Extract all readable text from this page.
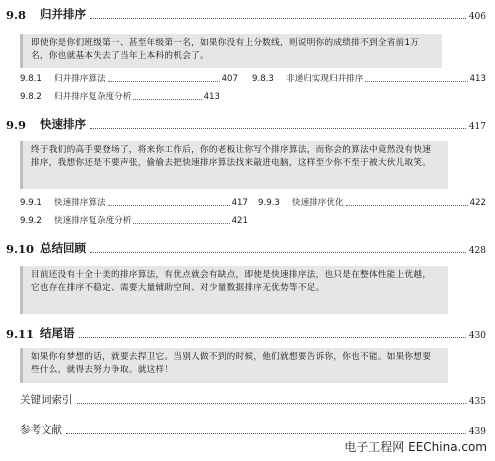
9.8	归并排序	406
即使你是你们班级第一、甚至年级第一名，如果你没有上分数线，则说明你的成绩排不到全省前1万名，你也就基本失去了当年上本科的机会了。
9.8.1	归并排序算法	407 9.8.3	非递归实现归并排序	413
9.8.2	归并排序复杂度分析	413
9.9	快速排序	417
终于我们的高手要登场了，将来你工作后，你的老板让你写个排序算法，而你会的算法中竟然没有快速排序，我想你还是不要声张，偷偷去把快速排序算法找来敲进电脑，这样至少你不至于被大伙儿取笑。
9.9.1	快速排序算法	417 9.9.3	快速排序优化	422
9.9.2	快速排序复杂度分析	421
9.10 总结回顾	428
目前还没有十全十美的排序算法，有优点就会有缺点，即使是快速排序法，也只是在整体性能上优越，它也存在排序不稳定、需要大量辅助空间、对少量数据排序无优势等不足。
9.11 结尾语	430
如果你有梦想的话，就要去捍卫它。当别人做不到的时候，他们就想要告诉你，你也不能。如果你想要些什么，就得去努力争取。就这样！
关键词索引	435
参考文献	439
电子工程网 EEChina.com
